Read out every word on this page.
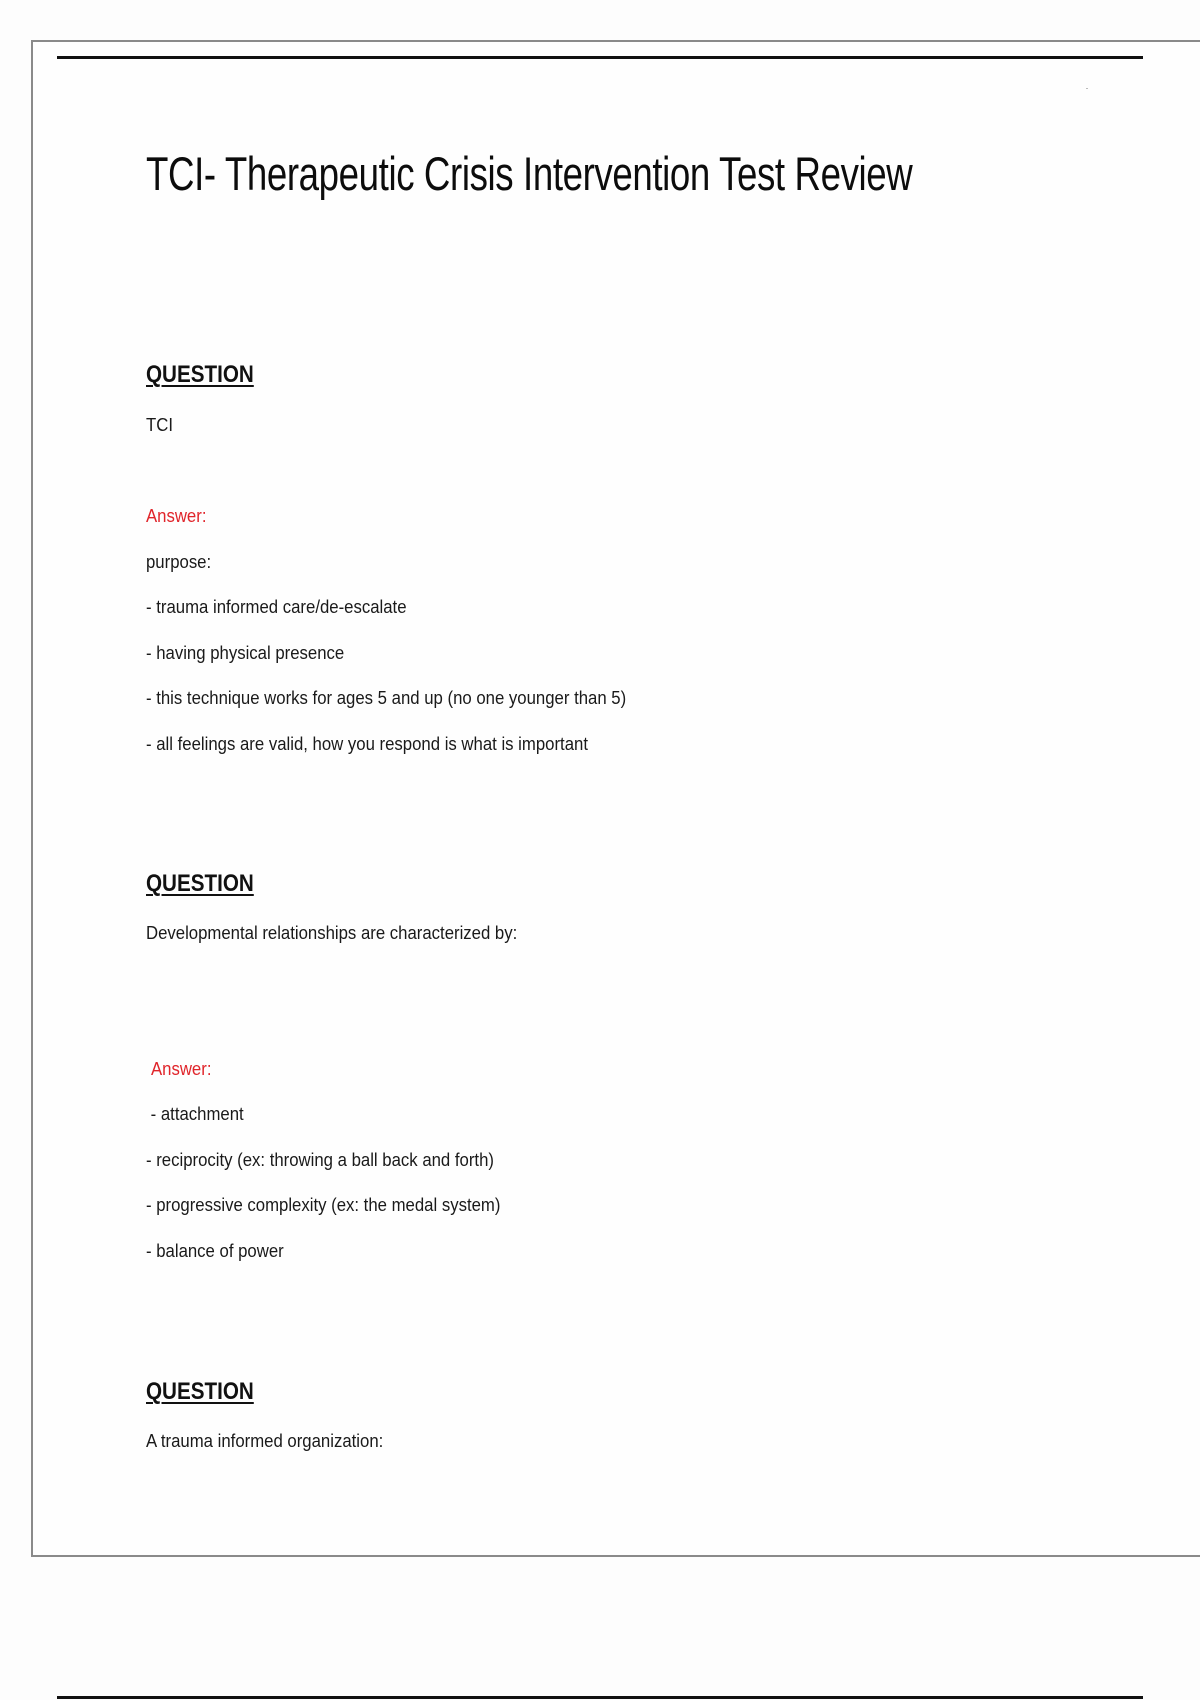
TCI- Therapeutic Crisis Intervention Test Review
QUESTION
TCI
Answer:
purpose:
- trauma informed care/de-escalate
- having physical presence
- this technique works for ages 5 and up (no one younger than 5)
- all feelings are valid, how you respond is what is important
QUESTION
Developmental relationships are characterized by:
Answer:
- attachment
- reciprocity (ex: throwing a ball back and forth)
- progressive complexity (ex: the medal system)
- balance of power
QUESTION
A trauma informed organization:
